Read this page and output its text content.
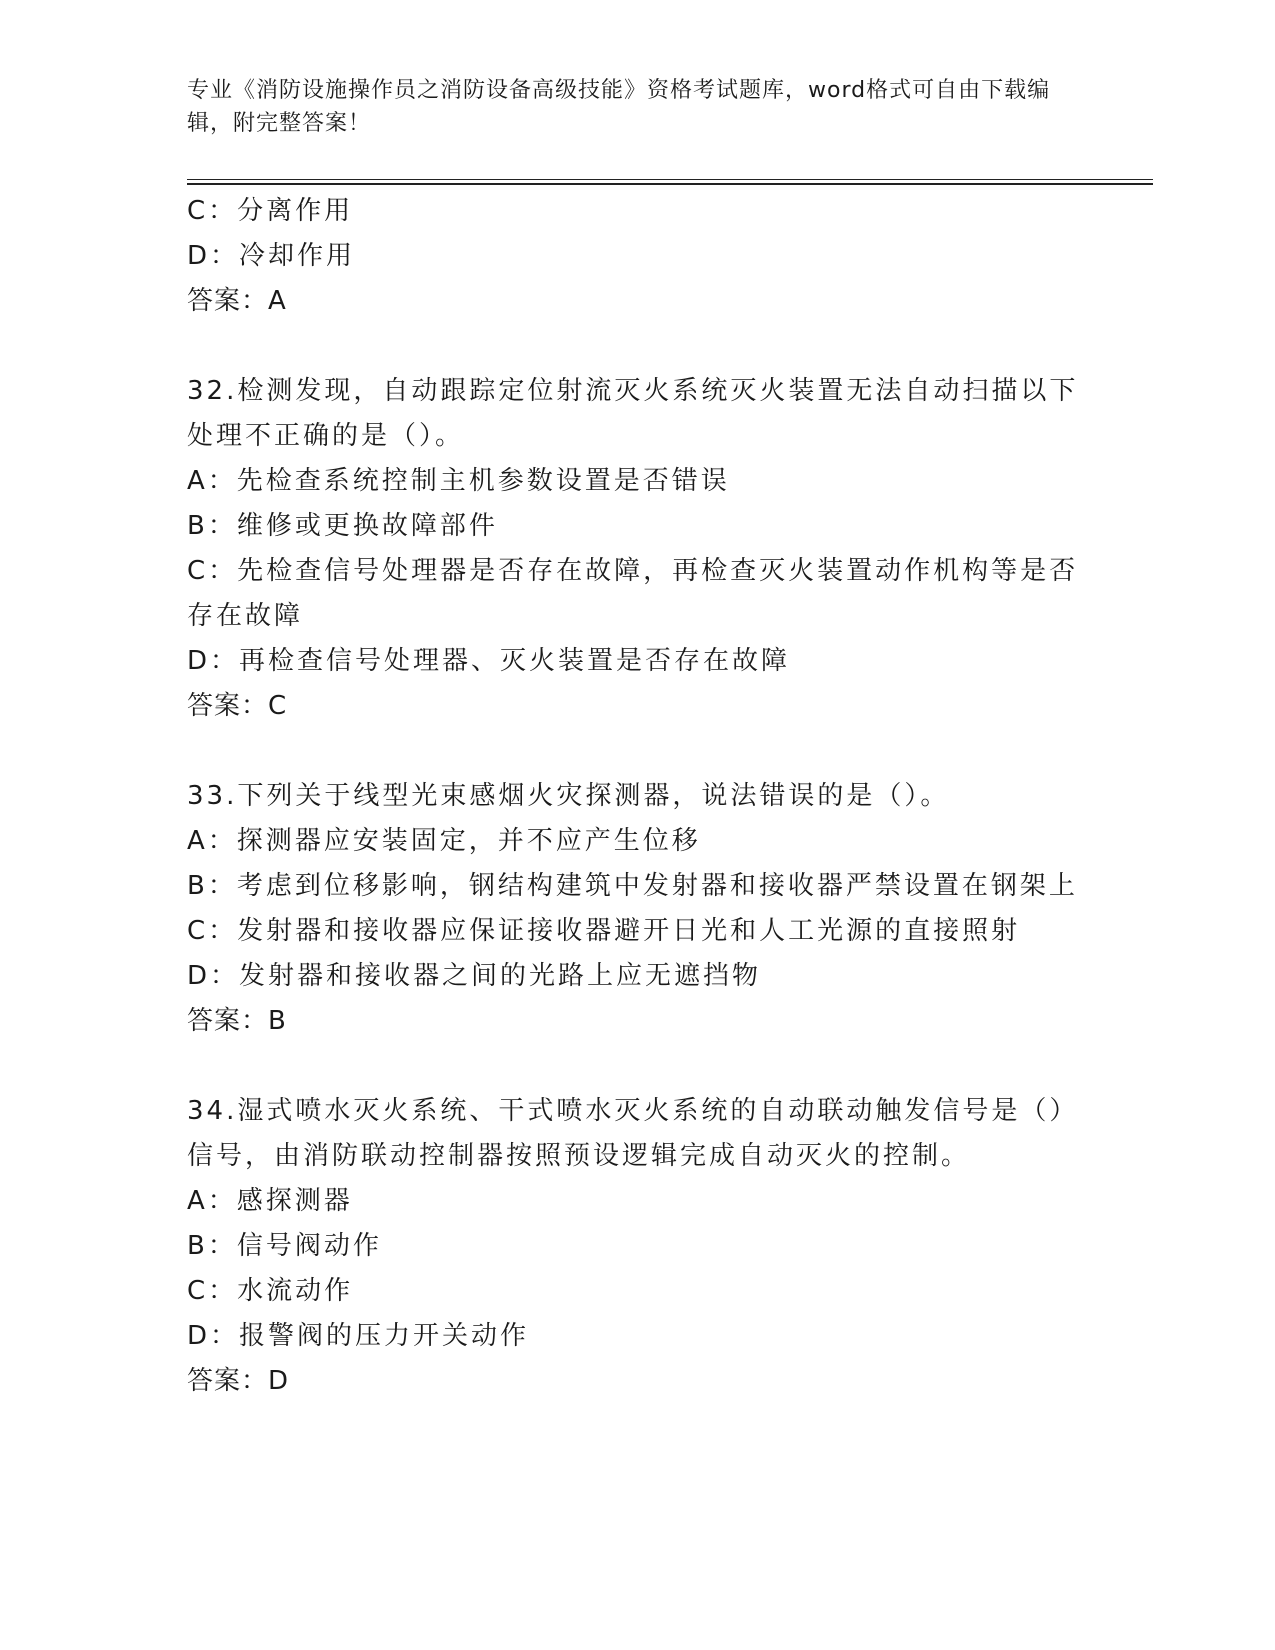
专业《消防设施操作员之消防设备高级技能》资格考试题库，word格式可自由下载编辑，附完整答案！
C：分离作用
D：冷却作用
答案：A
32.检测发现，自动跟踪定位射流灭火系统灭火装置无法自动扫描以下
处理不正确的是（）。
A：先检查系统控制主机参数设置是否错误
B：维修或更换故障部件
C：先检查信号处理器是否存在故障，再检查灭火装置动作机构等是否
存在故障
D：再检查信号处理器、灭火装置是否存在故障
答案：C
33.下列关于线型光束感烟火灾探测器，说法错误的是（）。
A：探测器应安装固定，并不应产生位移
B：考虑到位移影响，钢结构建筑中发射器和接收器严禁设置在钢架上
C：发射器和接收器应保证接收器避开日光和人工光源的直接照射
D：发射器和接收器之间的光路上应无遮挡物
答案：B
34.湿式喷水灭火系统、干式喷水灭火系统的自动联动触发信号是（）
信号，由消防联动控制器按照预设逻辑完成自动灭火的控制。
A：感探测器
B：信号阀动作
C：水流动作
D：报警阀的压力开关动作
答案：D
